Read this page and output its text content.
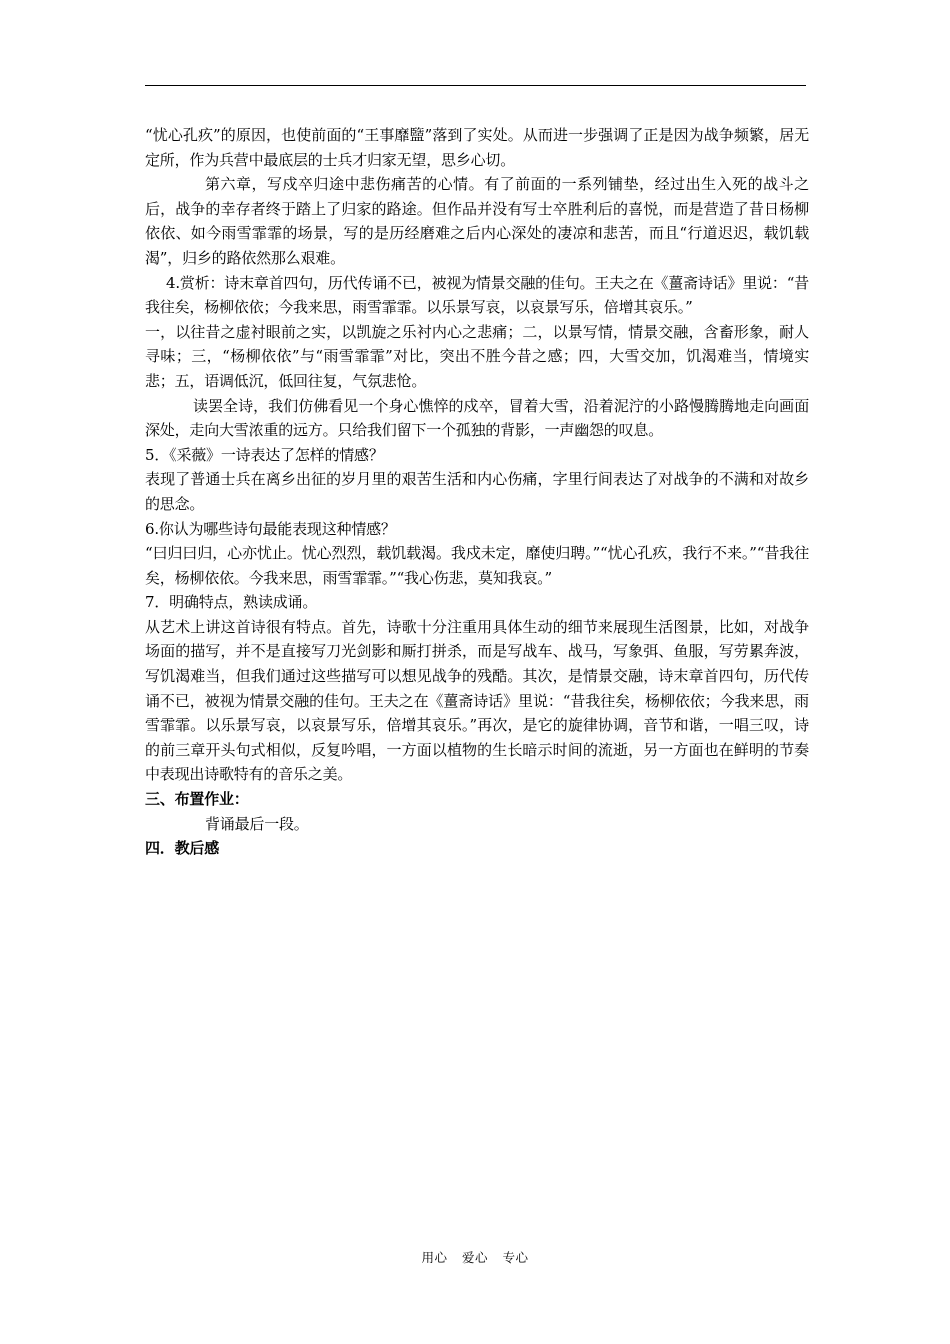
“忧心孔疚”的原因，也使前面的“王事靡盬”落到了实处。从而进一步强调了正是因为战争频繁，居无定所，作为兵营中最底层的士兵才归家无望，思乡心切。

第六章，写戍卒归途中悲伤痛苦的心情。有了前面的一系列铺垫，经过出生入死的战斗之后，战争的幸存者终于踏上了归家的路途。但作品并没有写士卒胜利后的喜悦，而是营造了昔日杨柳依依、如今雨雪霏霏的场景，写的是历经磨难之后内心深处的凄凉和悲苦，而且“行道迟迟，载饥载渴”，归乡的路依然那么艰难。

4.赏析：诗末章首四句，历代传诵不已，被视为情景交融的佳句。王夫之在《薑斋诗话》里说：“昔我往矣，杨柳依依；今我来思，雨雪霏霏。以乐景写哀，以哀景写乐，倍增其哀乐。”

一，以往昔之虚衬眼前之实，以凯旋之乐衬内心之悲痛；二，以景写情，情景交融，含畜形象，耐人寻味；三，“杨柳依依”与“雨雪霏霏”对比，突出不胜今昔之感；四，大雪交加，饥渴难当，情境实悲；五，语调低沉，低回往复，气氛悲怆。

读罢全诗，我们仿佛看见一个身心憔悴的戍卒，冒着大雪，沿着泥泞的小路慢腾腾地走向画面深处，走向大雪浓重的远方。只给我们留下一个孤独的背影，一声幽怨的叹息。

5．《采薇》一诗表达了怎样的情感？

表现了普通士兵在离乡出征的岁月里的艰苦生活和内心伤痛，字里行间表达了对战争的不满和对故乡的思念。

6.你认为哪些诗句最能表现这种情感？

“曰归曰归，心亦忧止。忧心烈烈，载饥载渴。我戍未定，靡使归聘。”“忧心孔疚，我行不来。”“昔我往矣，杨柳依依。今我来思，雨雪霏霏。”“我心伤悲，莫知我哀。”

7．明确特点，熟读成诵。

从艺术上讲这首诗很有特点。首先，诗歌十分注重用具体生动的细节来展现生活图景，比如，对战争场面的描写，并不是直接写刀光剑影和厮打拼杀，而是写战车、战马，写象弭、鱼服，写劳累奔波，写饥渴难当，但我们通过这些描写可以想见战争的残酷。其次，是情景交融，诗末章首四句，历代传诵不已，被视为情景交融的佳句。王夫之在《薑斋诗话》里说：“昔我往矣，杨柳依依；今我来思，雨雪霏霏。以乐景写哀，以哀景写乐，倍增其哀乐。”再次，是它的旋律协调，音节和谐，一唱三叹，诗的前三章开头句式相似，反复吟唱，一方面以植物的生长暗示时间的流逝，另一方面也在鲜明的节奏中表现出诗歌特有的音乐之美。

三、布置作业：

背诵最后一段。

四．教后感

用心 爱心 专心
